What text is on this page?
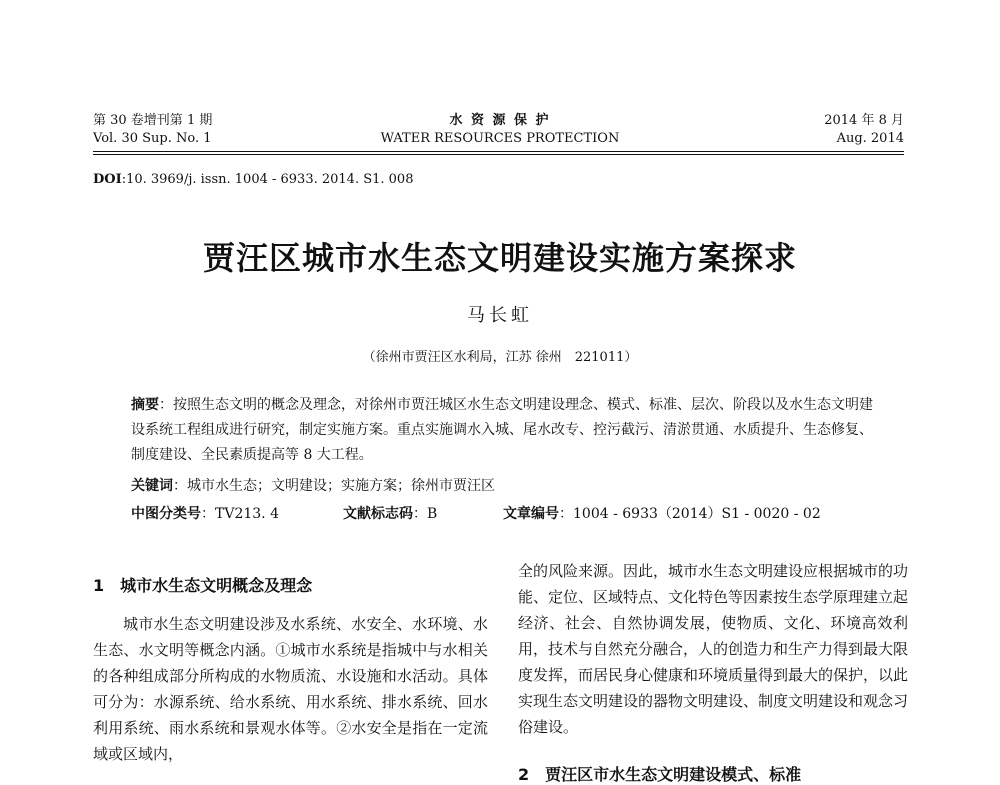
第 30 卷增刊第 1 期
Vol. 30 Sup. No. 1
水 资 源 保 护
WATER RESOURCES PROTECTION
2014 年 8 月
Aug. 2014
DOI:10. 3969/j. issn. 1004 - 6933. 2014. S1. 008
贾汪区城市水生态文明建设实施方案探求
马长虹
（徐州市贾汪区水利局，江苏 徐州　221011）
摘要：按照生态文明的概念及理念，对徐州市贾汪城区水生态文明建设理念、模式、标准、层次、阶段以及水生态文明建设系统工程组成进行研究，制定实施方案。重点实施调水入城、尾水改专、控污截污、清淤贯通、水质提升、生态修复、制度建设、全民素质提高等 8 大工程。
关键词：城市水生态；文明建设；实施方案；徐州市贾汪区
中图分类号：TV213. 4	文献标志码：B	文章编号：1004 - 6933（2014）S1 - 0020 - 02
1　城市水生态文明概念及理念

城市水生态文明建设涉及水系统、水安全、水环境、水生态、水文明等概念内涵。①城市水系统是指城中与水相关的各种组成部分所构成的水物质流、水设施和水活动。具体可分为：水源系统、给水系统、用水系统、排水系统、回水利用系统、雨水系统和景观水体等。②水安全是指在一定流域或区域内，

全的风险来源。因此，城市水生态文明建设应根据城市的功能、定位、区域特点、文化特色等因素按生态学原理建立起经济、社会、自然协调发展，使物质、文化、环境高效利用，技术与自然充分融合，人的创造力和生产力得到最大限度发挥，而居民身心健康和环境质量得到最大的保护，以此实现生态文明建设的器物文明建设、制度文明建设和观念习俗建设。

2　贾汪区市水生态文明建设模式、标准
